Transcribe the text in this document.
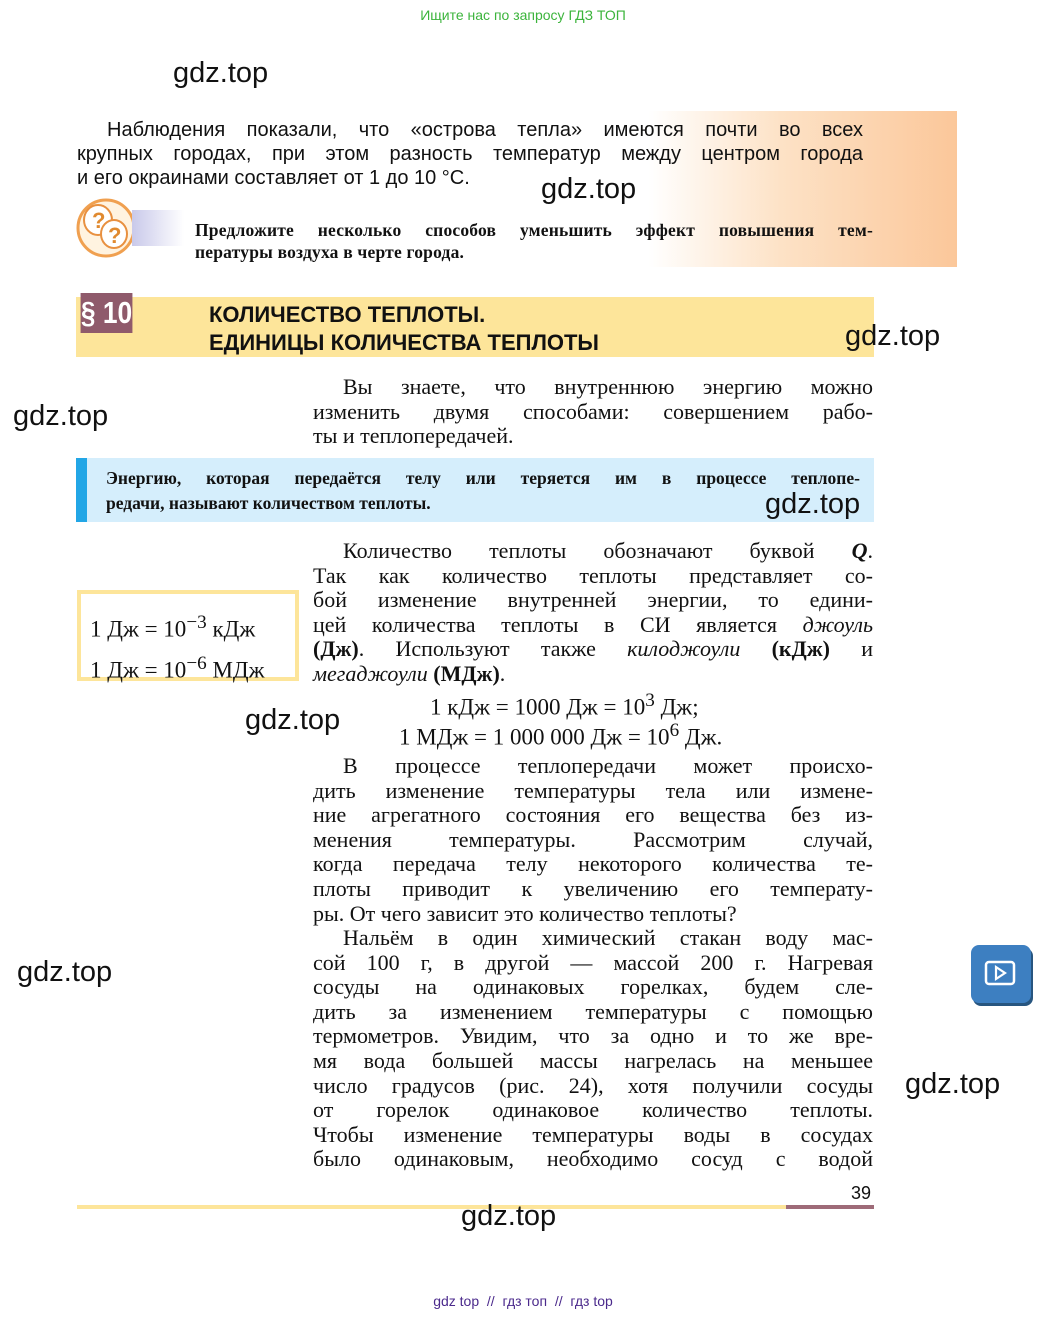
Ищите нас по запросу ГДЗ ТОП
Наблюдения показали, что «острова тепла» имеются почти во всех
крупных городах, при этом разность температур между центром города
и его окраинами составляет от 1 до 10 °С.
?
?	Предложите несколько способов уменьшить эффект повышения тем-
пературы воздуха в черте города.
§ 10	КОЛИЧЕСТВО ТЕПЛОТЫ.
ЕДИНИЦЫ КОЛИЧЕСТВА ТЕПЛОТЫ
Вы знаете, что внутреннюю энергию можно
изменить двумя способами: совершением рабо-
ты и теплопередачей.
Энергию, которая передаётся телу или теряется им в процессе теплопе-
редачи, называют количеством теплоты.
Количество теплоты обозначают буквой Q.
Так как количество теплоты представляет со-
бой изменение внутренней энергии, то едини-
цей количества теплоты в СИ является джоуль
(Дж). Используют также килоджоули (кДж) и
мегаджоули (МДж).
1 Дж = $10^{-3}$ кДж
1 Дж = $10^{-6}$ МДж
1 кДж = 1000 Дж = $10^3$ Дж;
1 МДж = 1 000 000 Дж = $10^6$ Дж.
В процессе теплопередачи может происхо-
дить изменение температуры тела или измене-
ние агрегатного состояния его вещества без из-
менения температуры. Рассмотрим случай,
когда передача телу некоторого количества те-
плоты приводит к увеличению его температу-
ры. От чего зависит это количество теплоты?
Нальём в один химический стакан воду мас-
сой 100 г, в другой — массой 200 г. Нагревая
сосуды на одинаковых горелках, будем сле-
дить за изменением температуры с помощью
термометров. Увидим, что за одно и то же вре-
мя вода большей массы нагрелась на меньшее
число градусов (рис. 24), хотя получили сосуды
от горелок одинаковое количество теплоты.
Чтобы изменение температуры воды в сосудах
было одинаковым, необходимо сосуд с водой
39
gdz.top
gdz.top
gdz.top
gdz.top
gdz.top
gdz.top
gdz.top
gdz.top
gdz.top
gdz top  //  гдз топ  //  гдз top
